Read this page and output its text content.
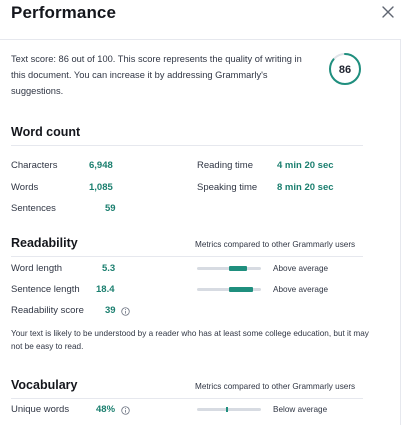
Performance
Text score: 86 out of 100. This score represents the quality of writing in this document. You can increase it by addressing Grammarly's suggestions.
86
Word count
Characters	6,948	Reading time	4 min 20 sec
Words	1,085	Speaking time 8 min 20 sec
Sentences	59
Readability	Metrics compared to other Grammarly users
Word length	5.3	Above average
Sentence length 18.4	Above average
Readability score 39
Your text is likely to be understood by a reader who has at least some college education, but it may not be easy to read.
Vocabulary	Metrics compared to other Grammarly users
Unique words	48%	Below average
